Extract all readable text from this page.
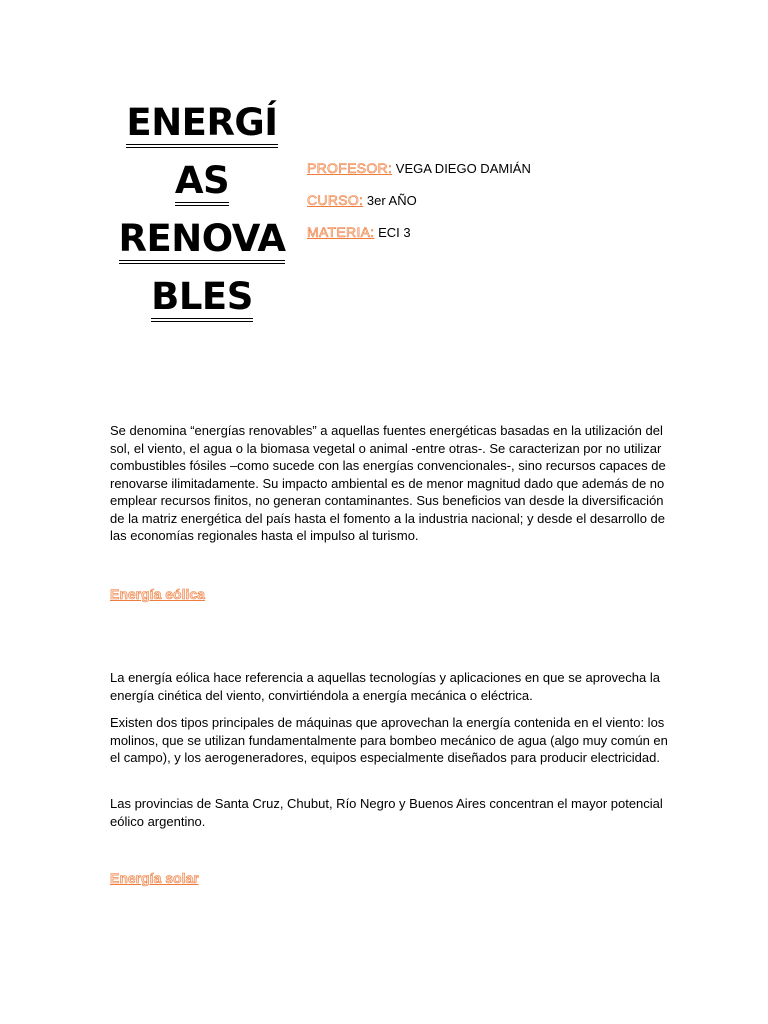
ENERGÍ
AS
RENOVA
BLES
PROFESOR: VEGA DIEGO DAMIÁN
CURSO: 3er AÑO
MATERIA: ECI 3

Se denomina “energías renovables” a aquellas fuentes energéticas basadas en la utilización del sol, el viento, el agua o la biomasa vegetal o animal -entre otras-. Se caracterizan por no utilizar combustibles fósiles –como sucede con las energías convencionales-, sino recursos capaces de renovarse ilimitadamente. Su impacto ambiental es de menor magnitud dado que además de no emplear recursos finitos, no generan contaminantes. Sus beneficios van desde la diversificación de la matriz energética del país hasta el fomento a la industria nacional; y desde el desarrollo de las economías regionales hasta el impulso al turismo.

Energía eólica

La energía eólica hace referencia a aquellas tecnologías y aplicaciones en que se aprovecha la energía cinética del viento, convirtiéndola a energía mecánica o eléctrica.

Existen dos tipos principales de máquinas que aprovechan la energía contenida en el viento: los molinos, que se utilizan fundamentalmente para bombeo mecánico de agua (algo muy común en el campo), y los aerogeneradores, equipos especialmente diseñados para producir electricidad.

Las provincias de Santa Cruz, Chubut, Río Negro y Buenos Aires concentran el mayor potencial eólico argentino.

Energía solar
